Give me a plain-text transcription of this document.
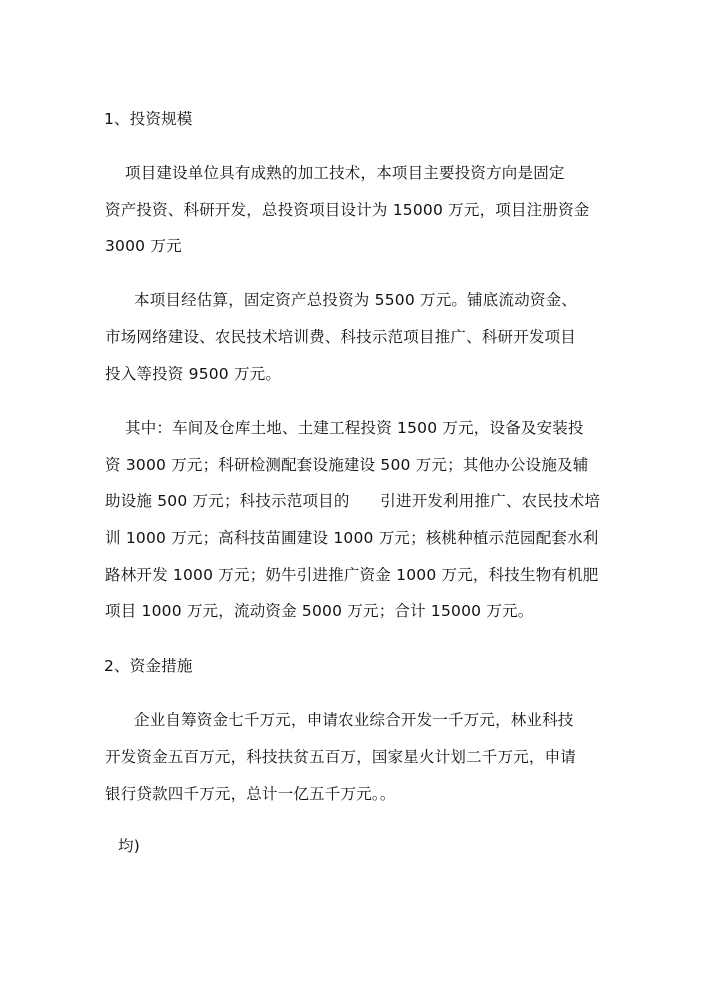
1、投资规模
项目建设单位具有成熟的加工技术，本项目主要投资方向是固定
资产投资、科研开发，总投资项目设计为 15000 万元，项目注册资金
3000 万元
本项目经估算，固定资产总投资为 5500 万元。铺底流动资金、
市场网络建设、农民技术培训费、科技示范项目推广、科研开发项目
投入等投资 9500 万元。
其中：车间及仓库土地、土建工程投资 1500 万元，设备及安装投
资 3000 万元；科研检测配套设施建设 500 万元；其他办公设施及辅
助设施 500 万元；科技示范项目的      引进开发利用推广、农民技术培
训 1000 万元；高科技苗圃建设 1000 万元；核桃种植示范园配套水利
路林开发 1000 万元；奶牛引进推广资金 1000 万元，科技生物有机肥
项目 1000 万元，流动资金 5000 万元；合计 15000 万元。
2、资金措施
企业自筹资金七千万元，申请农业综合开发一千万元，林业科技
开发资金五百万元，科技扶贫五百万，国家星火计划二千万元，申请
银行贷款四千万元，总计一亿五千万元。。
均)
